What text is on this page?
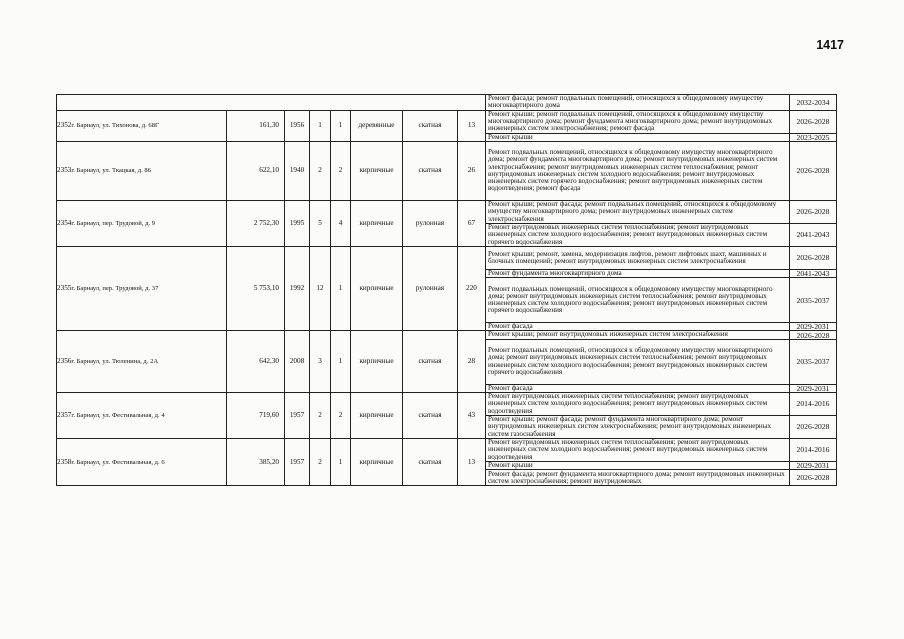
1417
								Ремонт фасада; ремонт подвальных помещений, относящихся к общедомовому имуществу многоквартирного дома	2032-2034
2352г. Барнаул, ул. Тихонова, д. 68Г	161,30	1956	1	1	деревянные	скатная	13	Ремонт крыши; ремонт подвальных помещений, относящихся к общедомовому имуществу многоквартирного дома; ремонт фундамента многоквартирного дома; ремонт внутридомовых инженерных систем электроснабжения; ремонт фасада	2026-2028
								Ремонт крыши	2023-2025
2353г. Барнаул, ул. Ткацкая, д. 86	622,10	1940	2	2	кирпичные	скатная	26	Ремонт подвальных помещений, относящихся к общедомовому имуществу многоквартирного дома; ремонт фундамента многоквартирного дома; ремонт внутридомовых инженерных систем электроснабжения; ремонт внутридомовых инженерных систем теплоснабжения; ремонт внутридомовых инженерных систем холодного водоснабжения; ремонт внутридомовых инженерных систем горячего водоснабжения; ремонт внутридомовых инженерных систем водоотведения; ремонт фасада	2026-2028
2354г. Барнаул, пер. Трудовой, д. 9	2 752,30	1995	5	4	кирпичные	рулонная	67	Ремонт крыши; ремонт фасада; ремонт подвальных помещений, относящихся к общедомовому имуществу многоквартирного дома; ремонт внутридомовых инженерных систем электроснабжения	2026-2028
								Ремонт внутридомовых инженерных систем теплоснабжения; ремонт внутридомовых инженерных систем холодного водоснабжения; ремонт внутридомовых инженерных систем горячего водоснабжения	2041-2043
2355г. Барнаул, пер. Трудовой, д. 37	5 753,10	1992	12	1	кирпичные	рулонная	220	Ремонт крыши; ремонт, замена, модернизация лифтов, ремонт лифтовых шахт, машинных и блочных помещений; ремонт внутридомовых инженерных систем электроснабжения	2026-2028
								Ремонт фундамента многоквартирного дома	2041-2043
								Ремонт подвальных помещений, относящихся к общедомовому имуществу многоквартирного дома; ремонт внутридомовых инженерных систем теплоснабжения; ремонт внутридомовых инженерных систем холодного водоснабжения; ремонт внутридомовых инженерных систем горячего водоснабжения	2035-2037
								Ремонт фасада	2029-2031
2356г. Барнаул, ул. Тюленина, д. 2А	642,30	2008	3	1	кирпичные	скатная	28	Ремонт крыши; ремонт внутридомовых инженерных систем электроснабжения	2026-2028
								Ремонт подвальных помещений, относящихся к общедомовому имуществу многоквартирного дома; ремонт внутридомовых инженерных систем теплоснабжения; ремонт внутридомовых инженерных систем холодного водоснабжения; ремонт внутридомовых инженерных систем горячего водоснабжения	2035-2037
								Ремонт фасада	2029-2031
2357г. Барнаул, ул. Фестивальная, д. 4	719,60	1957	2	2	кирпичные	скатная	43	Ремонт внутридомовых инженерных систем теплоснабжения; ремонт внутридомовых инженерных систем холодного водоснабжения; ремонт внутридомовых инженерных систем водоотведения	2014-2016
								Ремонт крыши; ремонт фасада; ремонт фундамента многоквартирного дома; ремонт внутридомовых инженерных систем электроснабжения; ремонт внутридомовых инженерных систем газоснабжения	2026-2028
2358г. Барнаул, ул. Фестивальная, д. 6	385,20	1957	2	1	кирпичные	скатная	13	Ремонт внутридомовых инженерных систем теплоснабжения; ремонт внутридомовых инженерных систем холодного водоснабжения; ремонт внутридомовых инженерных систем водоотведения	2014-2016
								Ремонт крыши	2029-2031
								Ремонт фасада; ремонт фундамента многоквартирного дома; ремонт внутридомовых инженерных систем электроснабжения; ремонт внутридомовых	2026-2028
